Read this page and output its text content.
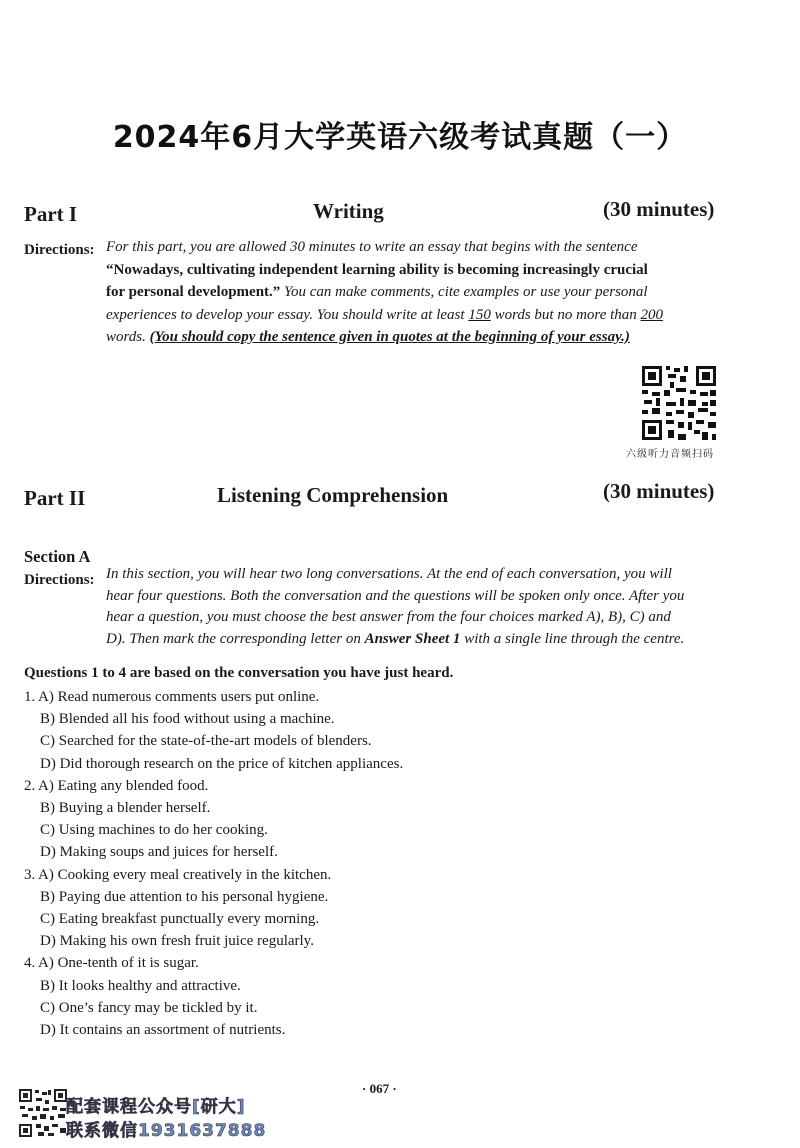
2024年6月大学英语六级考试真题（一）
Part I	Writing	(30 minutes)
Directions: For this part, you are allowed 30 minutes to write an essay that begins with the sentence
“Nowadays, cultivating independent learning ability is becoming increasingly crucial
for personal development.” You can make comments, cite examples or use your personal
experiences to develop your essay. You should write at least 150 words but no more than 200
words. (You should copy the sentence given in quotes at the beginning of your essay.)
六级听力音频扫码
Part II	Listening Comprehension	(30 minutes)
Section A
Directions: In this section, you will hear two long conversations. At the end of each conversation, you will
hear four questions. Both the conversation and the questions will be spoken only once. After you
hear a question, you must choose the best answer from the four choices marked A), B), C) and
D). Then mark the corresponding letter on Answer Sheet 1 with a single line through the centre.
Questions 1 to 4 are based on the conversation you have just heard.
1. A) Read numerous comments users put online.
B) Blended all his food without using a machine.
C) Searched for the state-of-the-art models of blenders.
D) Did thorough research on the price of kitchen appliances.
2. A) Eating any blended food.
B) Buying a blender herself.
C) Using machines to do her cooking.
D) Making soups and juices for herself.
3. A) Cooking every meal creatively in the kitchen.
B) Paying due attention to his personal hygiene.
C) Eating breakfast punctually every morning.
D) Making his own fresh fruit juice regularly.
4. A) One-tenth of it is sugar.
B) It looks healthy and attractive.
C) One’s fancy may be tickled by it.
D) It contains an assortment of nutrients.
· 067 ·
配套课程公众号[研大]
联系微信1931637888
